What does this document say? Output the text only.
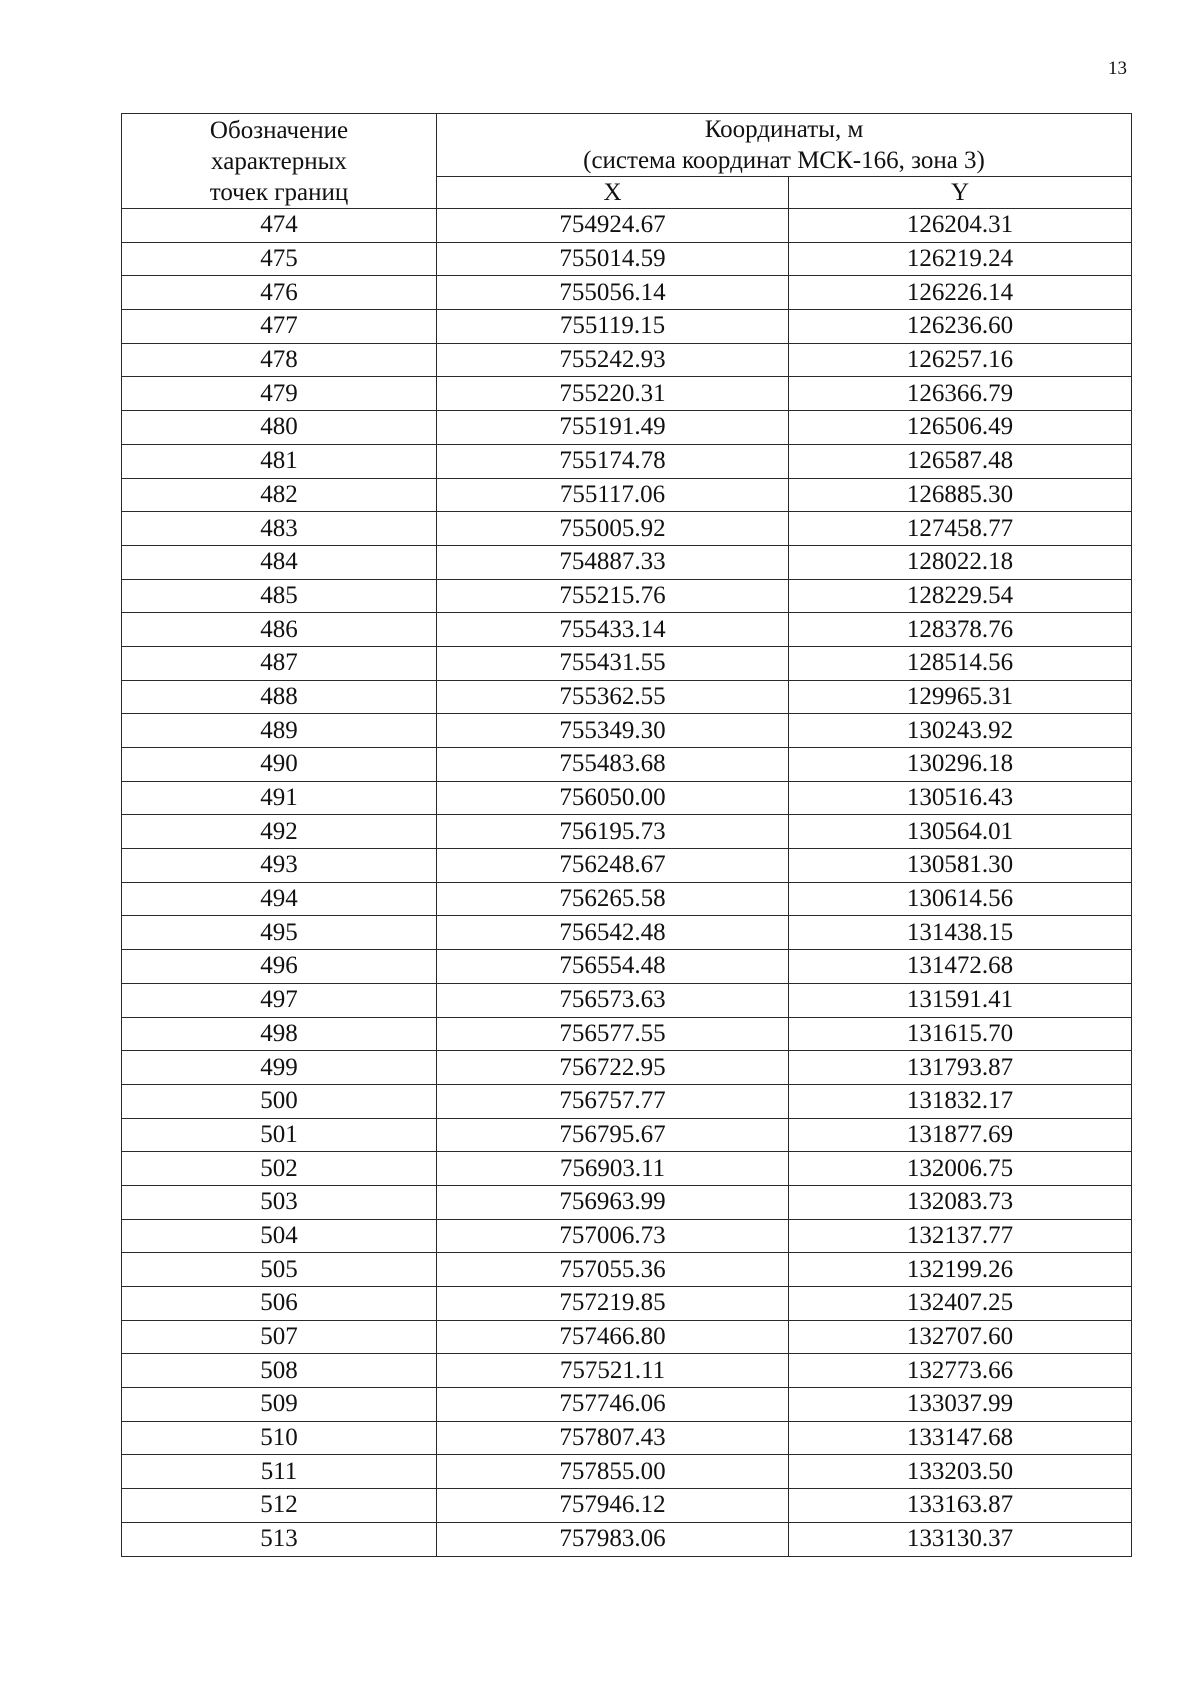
13
Обозначение
характерных
точек границ	Координаты, м
(система координат МСК-166, зона 3)	

	X	Y
474	754924.67	126204.31
475	755014.59	126219.24
476	755056.14	126226.14
477	755119.15	126236.60
478	755242.93	126257.16
479	755220.31	126366.79
480	755191.49	126506.49
481	755174.78	126587.48
482	755117.06	126885.30
483	755005.92	127458.77
484	754887.33	128022.18
485	755215.76	128229.54
486	755433.14	128378.76
487	755431.55	128514.56
488	755362.55	129965.31
489	755349.30	130243.92
490	755483.68	130296.18
491	756050.00	130516.43
492	756195.73	130564.01
493	756248.67	130581.30
494	756265.58	130614.56
495	756542.48	131438.15
496	756554.48	131472.68
497	756573.63	131591.41
498	756577.55	131615.70
499	756722.95	131793.87
500	756757.77	131832.17
501	756795.67	131877.69
502	756903.11	132006.75
503	756963.99	132083.73
504	757006.73	132137.77
505	757055.36	132199.26
506	757219.85	132407.25
507	757466.80	132707.60
508	757521.11	132773.66
509	757746.06	133037.99
510	757807.43	133147.68
511	757855.00	133203.50
512	757946.12	133163.87
513	757983.06	133130.37
